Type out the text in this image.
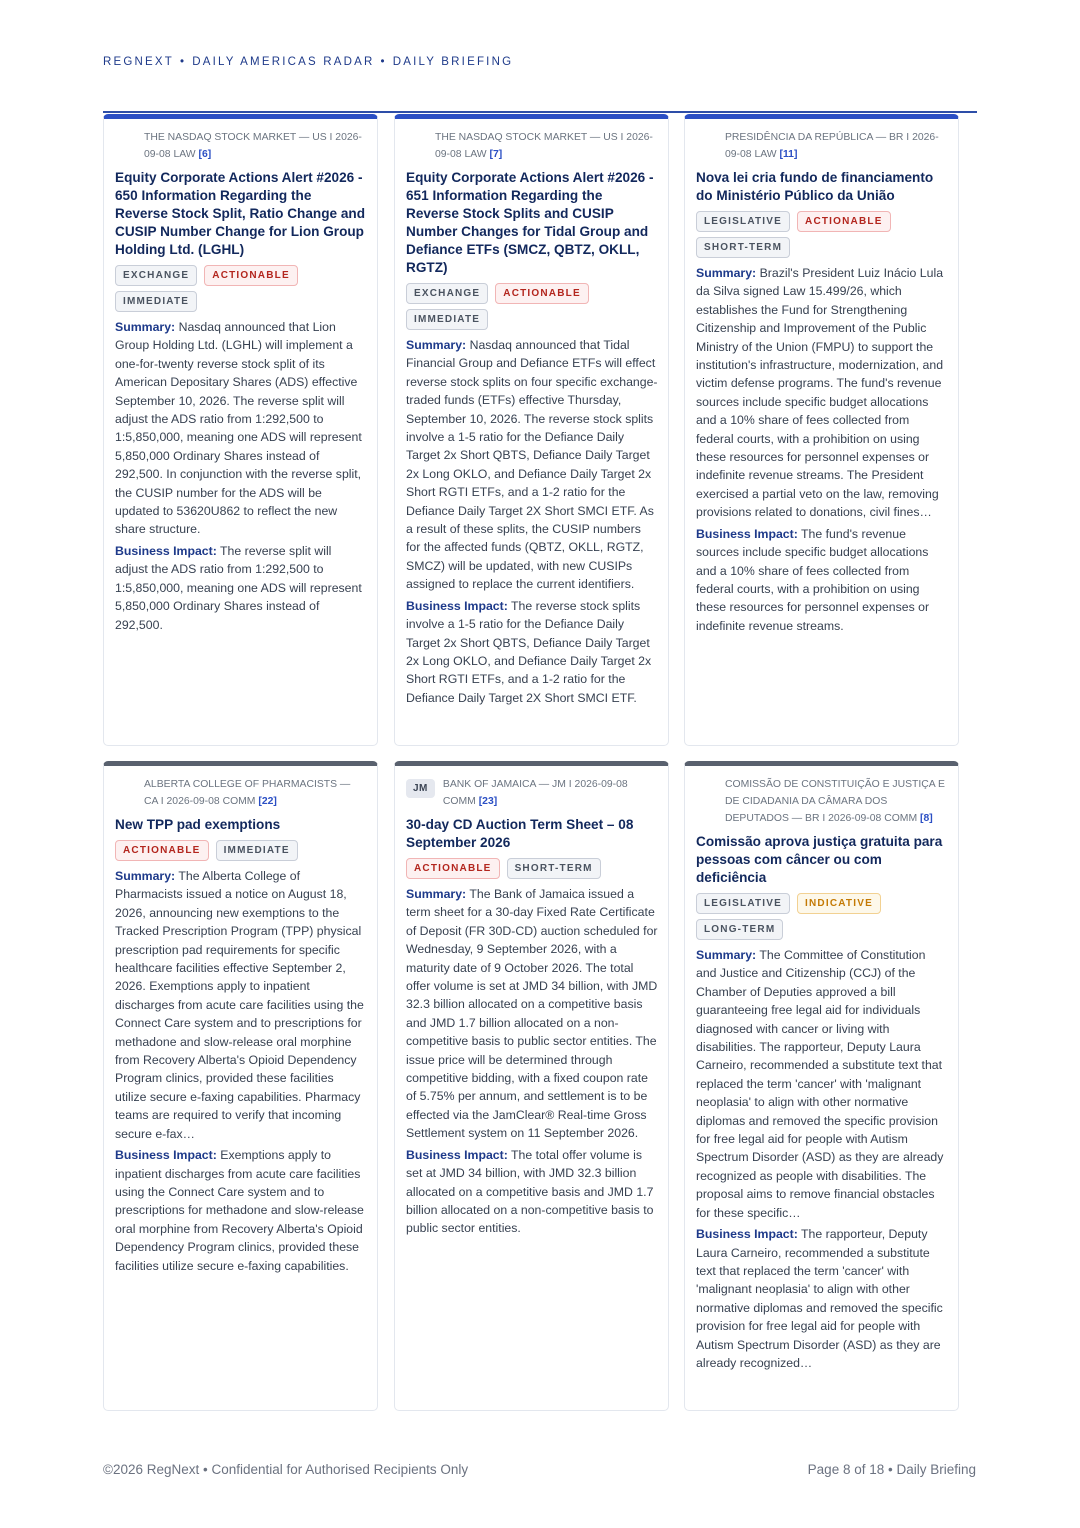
REGNEXT • DAILY AMERICAS RADAR • DAILY BRIEFING
THE NASDAQ STOCK MARKET — US I 2026-09-08 LAW [6]
Equity Corporate Actions Alert #2026 - 650 Information Regarding the Reverse Stock Split, Ratio Change and CUSIP Number Change for Lion Group Holding Ltd. (LGHL)
EXCHANGE	ACTIONABLE
IMMEDIATE
Summary: Nasdaq announced that Lion Group Holding Ltd. (LGHL) will implement a one-for-twenty reverse stock split of its American Depositary Shares (ADS) effective September 10, 2026. The reverse split will adjust the ADS ratio from 1:292,500 to 1:5,850,000, meaning one ADS will represent 5,850,000 Ordinary Shares instead of 292,500. In conjunction with the reverse split, the CUSIP number for the ADS will be updated to 53620U862 to reflect the new share structure.
Business Impact: The reverse split will adjust the ADS ratio from 1:292,500 to 1:5,850,000, meaning one ADS will represent 5,850,000 Ordinary Shares instead of 292,500.
THE NASDAQ STOCK MARKET — US I 2026-09-08 LAW [7]
Equity Corporate Actions Alert #2026 - 651 Information Regarding the Reverse Stock Splits and CUSIP Number Changes for Tidal Group and Defiance ETFs (SMCZ, QBTZ, OKLL, RGTZ)
EXCHANGE	ACTIONABLE
IMMEDIATE
Summary: Nasdaq announced that Tidal Financial Group and Defiance ETFs will effect reverse stock splits on four specific exchange-traded funds (ETFs) effective Thursday, September 10, 2026. The reverse stock splits involve a 1-5 ratio for the Defiance Daily Target 2x Short QBTS, Defiance Daily Target 2x Long OKLO, and Defiance Daily Target 2x Short RGTI ETFs, and a 1-2 ratio for the Defiance Daily Target 2X Short SMCI ETF. As a result of these splits, the CUSIP numbers for the affected funds (QBTZ, OKLL, RGTZ, SMCZ) will be updated, with new CUSIPs assigned to replace the current identifiers.
Business Impact: The reverse stock splits involve a 1-5 ratio for the Defiance Daily Target 2x Short QBTS, Defiance Daily Target 2x Long OKLO, and Defiance Daily Target 2x Short RGTI ETFs, and a 1-2 ratio for the Defiance Daily Target 2X Short SMCI ETF.
PRESIDÊNCIA DA REPÚBLICA — BR I 2026-09-08 LAW [11]
Nova lei cria fundo de financiamento do Ministério Público da União
LEGISLATIVE	ACTIONABLE
SHORT-TERM
Summary: Brazil's President Luiz Inácio Lula da Silva signed Law 15.499/26, which establishes the Fund for Strengthening Citizenship and Improvement of the Public Ministry of the Union (FMPU) to support the institution's infrastructure, modernization, and victim defense programs. The fund's revenue sources include specific budget allocations and a 10% share of fees collected from federal courts, with a prohibition on using these resources for personnel expenses or indefinite revenue streams. The President exercised a partial veto on the law, removing provisions related to donations, civil fines…
Business Impact: The fund's revenue sources include specific budget allocations and a 10% share of fees collected from federal courts, with a prohibition on using these resources for personnel expenses or indefinite revenue streams.
ALBERTA COLLEGE OF PHARMACISTS — CA I 2026-09-08 COMM [22]
New TPP pad exemptions
ACTIONABLE	IMMEDIATE
Summary: The Alberta College of Pharmacists issued a notice on August 18, 2026, announcing new exemptions to the Tracked Prescription Program (TPP) physical prescription pad requirements for specific healthcare facilities effective September 2, 2026. Exemptions apply to inpatient discharges from acute care facilities using the Connect Care system and to prescriptions for methadone and slow-release oral morphine from Recovery Alberta's Opioid Dependency Program clinics, provided these facilities utilize secure e-faxing capabilities. Pharmacy teams are required to verify that incoming secure e-fax…
Business Impact: Exemptions apply to inpatient discharges from acute care facilities using the Connect Care system and to prescriptions for methadone and slow-release oral morphine from Recovery Alberta's Opioid Dependency Program clinics, provided these facilities utilize secure e-faxing capabilities.
JM	BANK OF JAMAICA — JM I 2026-09-08 COMM [23]
30-day CD Auction Term Sheet – 08 September 2026
ACTIONABLE	SHORT-TERM
Summary: The Bank of Jamaica issued a term sheet for a 30-day Fixed Rate Certificate of Deposit (FR 30D-CD) auction scheduled for Wednesday, 9 September 2026, with a maturity date of 9 October 2026. The total offer volume is set at JMD 34 billion, with JMD 32.3 billion allocated on a competitive basis and JMD 1.7 billion allocated on a non-competitive basis to public sector entities. The issue price will be determined through competitive bidding, with a fixed coupon rate of 5.75% per annum, and settlement is to be effected via the JamClear® Real-time Gross Settlement system on 11 September 2026.
Business Impact: The total offer volume is set at JMD 34 billion, with JMD 32.3 billion allocated on a competitive basis and JMD 1.7 billion allocated on a non-competitive basis to public sector entities.
COMISSÃO DE CONSTITUIÇÃO E JUSTIÇA E DE CIDADANIA DA CÂMARA DOS DEPUTADOS — BR I 2026-09-08 COMM [8]
Comissão aprova justiça gratuita para pessoas com câncer ou com deficiência
LEGISLATIVE	INDICATIVE
LONG-TERM
Summary: The Committee of Constitution and Justice and Citizenship (CCJ) of the Chamber of Deputies approved a bill guaranteeing free legal aid for individuals diagnosed with cancer or living with disabilities. The rapporteur, Deputy Laura Carneiro, recommended a substitute text that replaced the term 'cancer' with 'malignant neoplasia' to align with other normative diplomas and removed the specific provision for free legal aid for people with Autism Spectrum Disorder (ASD) as they are already recognized as people with disabilities. The proposal aims to remove financial obstacles for these specific…
Business Impact: The rapporteur, Deputy Laura Carneiro, recommended a substitute text that replaced the term 'cancer' with 'malignant neoplasia' to align with other normative diplomas and removed the specific provision for free legal aid for people with Autism Spectrum Disorder (ASD) as they are already recognized…
©2026 RegNext • Confidential for Authorised Recipients Only	Page 8 of 18 • Daily Briefing
